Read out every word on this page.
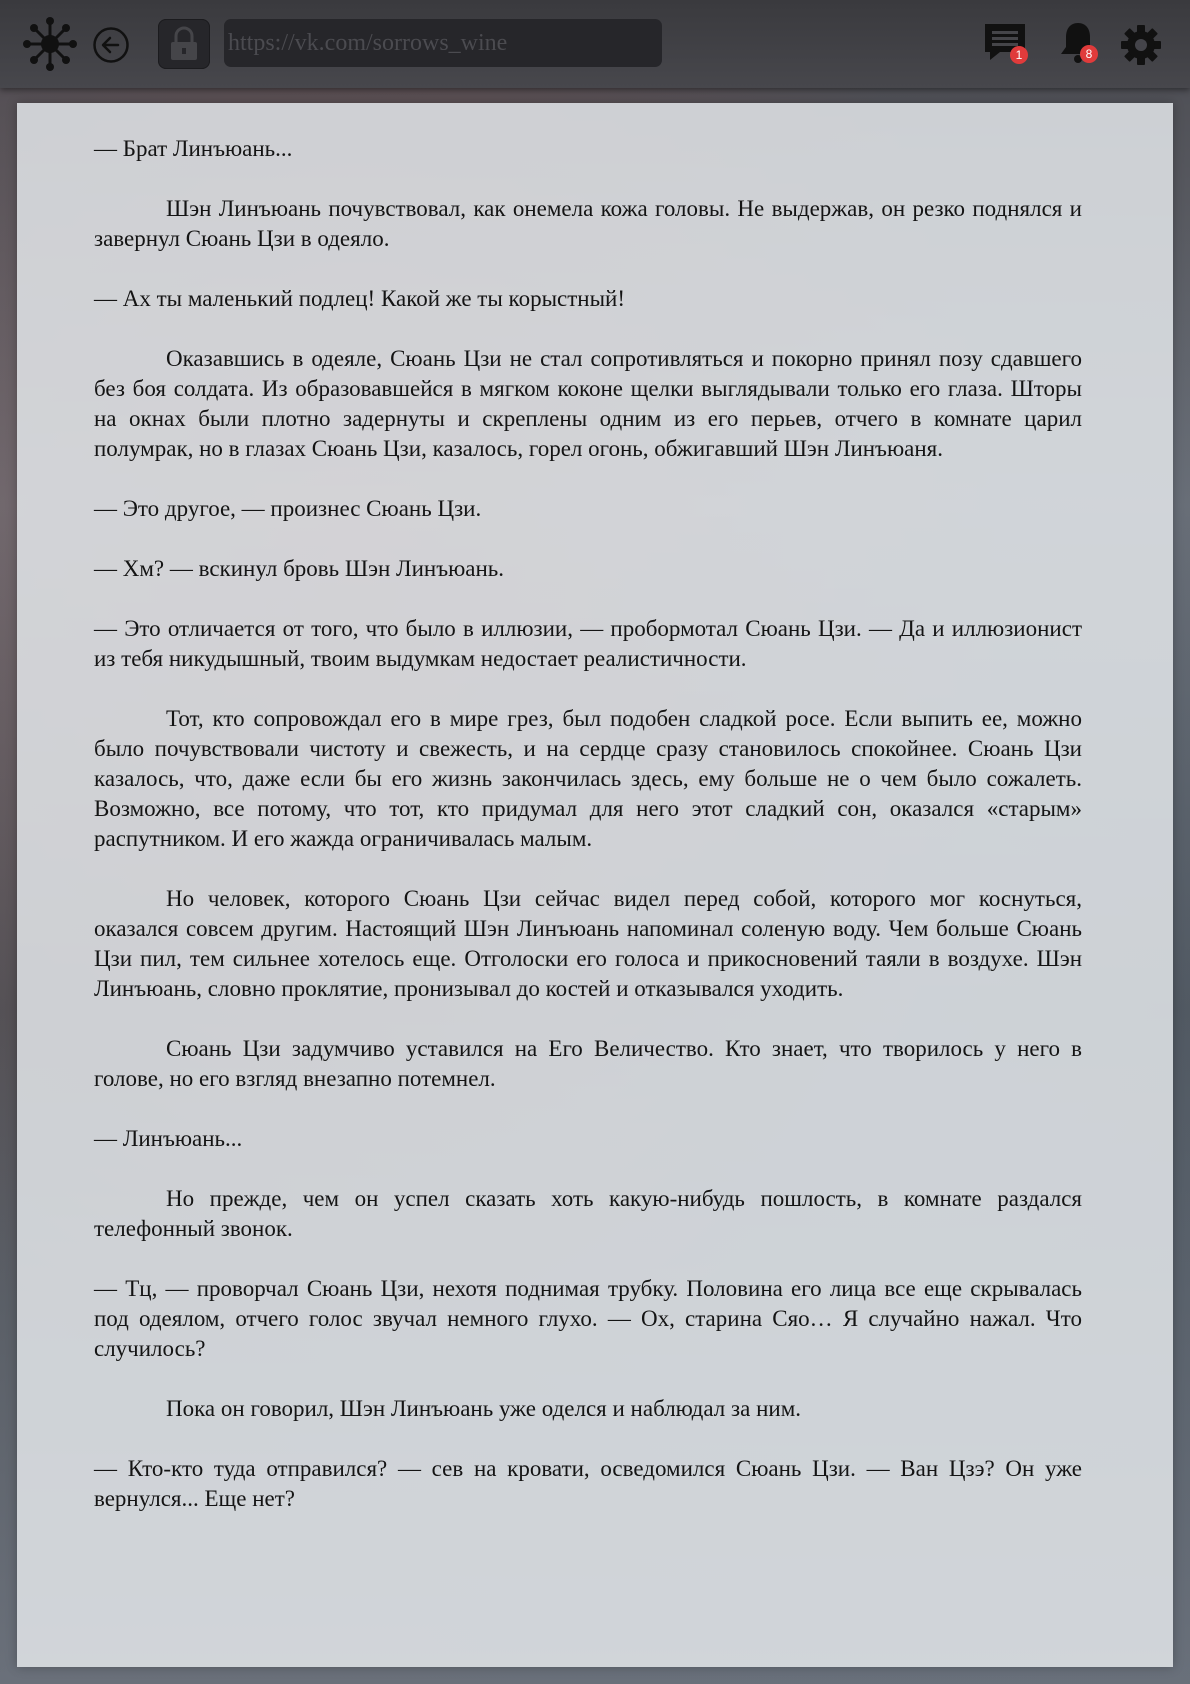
https://vk.com/sorrows_wine	1	8

— Брат Линъюань...

Шэн Линъюань почувствовал, как онемела кожа головы. Не выдержав, он резко поднялся и завернул Сюань Цзи в одеяло.

— Ах ты маленький подлец! Какой же ты корыстный!

Оказавшись в одеяле, Сюань Цзи не стал сопротивляться и покорно принял позу сдавшего без боя солдата. Из образовавшейся в мягком коконе щелки выглядывали только его глаза. Шторы на окнах были плотно задернуты и скреплены одним из его перьев, отчего в комнате царил полумрак, но в глазах Сюань Цзи, казалось, горел огонь, обжигавший Шэн Линъюаня.

— Это другое, — произнес Сюань Цзи.

— Хм? — вскинул бровь Шэн Линъюань.

— Это отличается от того, что было в иллюзии, — пробормотал Сюань Цзи. — Да и иллюзионист из тебя никудышный, твоим выдумкам недостает реалистичности.

Тот, кто сопровождал его в мире грез, был подобен сладкой росе. Если выпить ее, можно было почувствовали чистоту и свежесть, и на сердце сразу становилось спокойнее. Сюань Цзи казалось, что, даже если бы его жизнь закончилась здесь, ему больше не о чем было сожалеть. Возможно, все потому, что тот, кто придумал для него этот сладкий сон, оказался «старым» распутником. И его жажда ограничивалась малым.

Но человек, которого Сюань Цзи сейчас видел перед собой, которого мог коснуться, оказался совсем другим. Настоящий Шэн Линъюань напоминал соленую воду. Чем больше Сюань Цзи пил, тем сильнее хотелось еще. Отголоски его голоса и прикосновений таяли в воздухе. Шэн Линъюань, словно проклятие, пронизывал до костей и отказывался уходить.

Сюань Цзи задумчиво уставился на Его Величество. Кто знает, что творилось у него в голове, но его взгляд внезапно потемнел.

— Линъюань...

Но прежде, чем он успел сказать хоть какую-нибудь пошлость, в комнате раздался телефонный звонок.

— Тц, — проворчал Сюань Цзи, нехотя поднимая трубку. Половина его лица все еще скрывалась под одеялом, отчего голос звучал немного глухо. — Ох, старина Сяо… Я случайно нажал. Что случилось?

Пока он говорил, Шэн Линъюань уже оделся и наблюдал за ним.

— Кто-кто туда отправился? — сев на кровати, осведомился Сюань Цзи. — Ван Цзэ? Он уже вернулся... Еще нет?
